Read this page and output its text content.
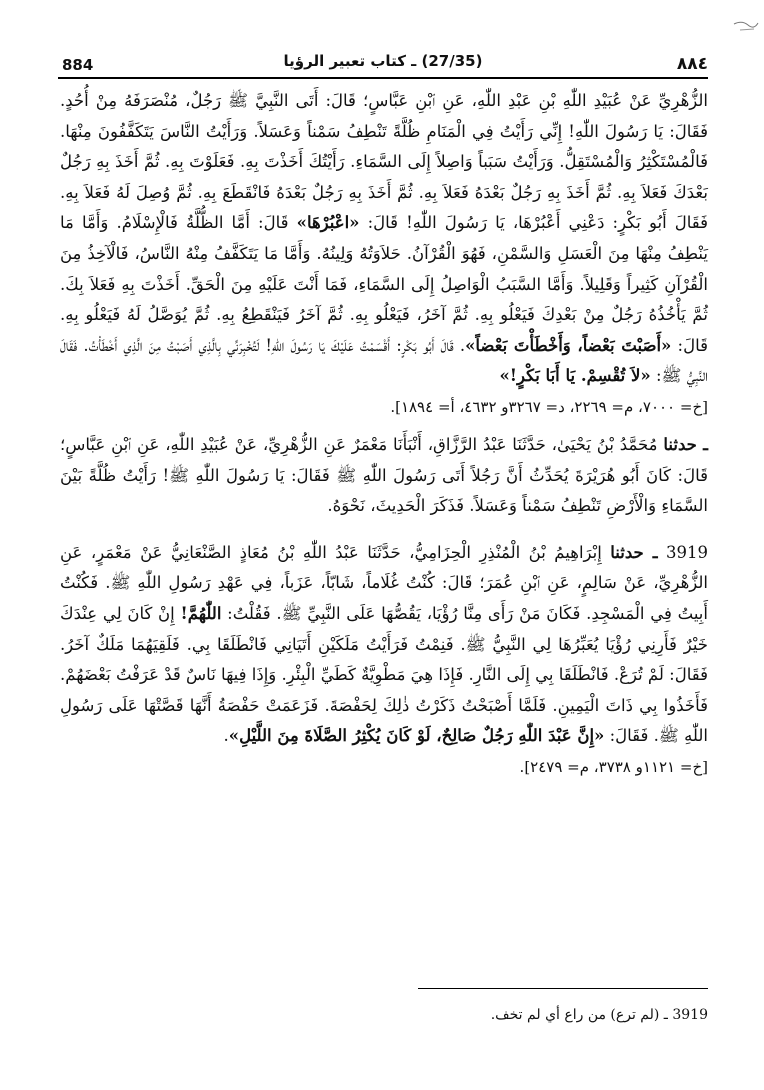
884	(27/35) ـ كتاب تعبير الرؤيا	٨٨٤

الزُّهْرِيِّ عَنْ عُبَيْدِ اللّٰهِ بْنِ عَبْدِ اللّٰهِ، عَنِ ٱبْنِ عَبَّاسٍ؛ قَالَ: أَتَى النَّبِيَّ ﷺ رَجُلٌ، مُنْصَرَفَهُ مِنْ أُحُدٍ. فَقَالَ: يَا رَسُولَ اللّٰهِ! إِنِّي رَأَيْتُ فِي الْمَنَامِ ظُلَّةً تَنْطِفُ سَمْناً وَعَسَلاً. وَرَأَيْتُ النَّاسَ يَتَكَفَّفُونَ مِنْهَا. فَالْمُسْتَكْثِرُ وَالْمُسْتَقِلُّ. وَرَأَيْتُ سَبَباً وَاصِلاً إِلَى السَّمَاءِ. رَأَيْتُكَ أَخَذْتَ بِهِ. فَعَلَوْتَ بِهِ. ثُمَّ أَخَذَ بِهِ رَجُلٌ بَعْدَكَ فَعَلاَ بِهِ. ثُمَّ أَخَذَ بِهِ رَجُلٌ بَعْدَهُ فَعَلاَ بِهِ. ثُمَّ أَخَذَ بِهِ رَجُلٌ بَعْدَهُ فَانْقَطَعَ بِهِ. ثُمَّ وُصِلَ لَهُ فَعَلاَ بِهِ. فَقَالَ أَبُو بَكْرٍ: دَعْنِي أَعْبُرْهَا، يَا رَسُولَ اللّٰهِ! قَالَ: «اعْبُرْهَا» قَالَ: أَمَّا الظُّلَّةُ فَالْإِسْلَامُ. وَأَمَّا مَا يَنْطِفُ مِنْهَا مِنَ الْعَسَلِ وَالسَّمْنِ، فَهُوَ الْقُرْآنُ. حَلاَوَتُهُ وَلِينُهُ. وَأَمَّا مَا يَتَكَفَّفُ مِنْهُ النَّاسُ، فَالْآخِذُ مِنَ الْقُرْآنِ كَثِيراً وَقَلِيلاً. وَأَمَّا السَّبَبُ الْوَاصِلُ إِلَى السَّمَاءِ، فَمَا أَنْتَ عَلَيْهِ مِنَ الْحَقِّ. أَخَذْتَ بِهِ فَعَلاَ بِكَ. ثُمَّ يَأْخُذُهُ رَجُلٌ مِنْ بَعْدِكَ فَيَعْلُو بِهِ. ثُمَّ آخَرُ، فَيَعْلُو بِهِ. ثُمَّ آخَرُ فَيَنْقَطِعُ بِهِ. ثُمَّ يُوَصَّلُ لَهُ فَيَعْلُو بِهِ. قَالَ: «أَصَبْتَ بَعْضاً، وَأَخْطَأْتَ بَعْضاً». قَالَ أَبُو بَكْرٍ: أَقْسَمْتُ عَلَيْكَ يَا رَسُولَ اللّٰهِ! لَتُخْبِرَنِّي بِالَّذِي أَصَبْتُ مِنَ الَّذِي أَخْطَأْتُ. فَقَالَ النَّبِيُّ ﷺ: «لاَ تُقْسِمْ. يَا أَبَا بَكْرٍ!»

[خ= ٧٠٠٠، م= ٢٢٦٩، د= ٣٢٦٧و ٤٦٣٢، أ= ١٨٩٤].

ـ حدثنا مُحَمَّدُ بْنُ يَحْيَىٰ، حَدَّثَنَا عَبْدُ الرَّزَّاقِ، أَنْبَأَنَا مَعْمَرٌ عَنِ الزُّهْرِيِّ، عَنْ عُبَيْدِ اللّٰهِ، عَنِ ٱبْنِ عَبَّاسٍ؛ قَالَ: كَانَ أَبُو هُرَيْرَةَ يُحَدِّثُ أَنَّ رَجُلاً أَتَى رَسُولَ اللّٰهِ ﷺ فَقَالَ: يَا رَسُولَ اللّٰهِ ﷺ! رَأَيْتُ ظُلَّةً بَيْنَ السَّمَاءِ وَالْأَرْضِ تَنْطِفُ سَمْناً وَعَسَلاً. فَذَكَرَ الْحَدِيثَ، نَحْوَهُ.

3919 ـ حدثنا إِبْرَاهِيمُ بْنُ الْمُنْذِرِ الْحِزَامِيُّ، حَدَّثَنَا عَبْدُ اللّٰهِ بْنُ مُعَاذٍ الصَّنْعَانِيُّ عَنْ مَعْمَرٍ، عَنِ الزُّهْرِيِّ، عَنْ سَالِمٍ، عَنِ ٱبْنِ عُمَرَ؛ قَالَ: كُنْتُ غُلَاماً، شَابّاً، عَزَباً، فِي عَهْدِ رَسُولِ اللّٰهِ ﷺ. فَكُنْتُ أَبِيتُ فِي الْمَسْجِدِ. فَكَانَ مَنْ رَأَى مِنَّا رُؤْيَا، يَقُصُّهَا عَلَى النَّبِيِّ ﷺ. فَقُلْتُ: اللّٰهُمَّ! إِنْ كَانَ لِي عِنْدَكَ خَيْرٌ فَأَرِنِي رُؤْيَا يُعَبِّرُهَا لِي النَّبِيُّ ﷺ. فَنِمْتُ فَرَأَيْتُ مَلَكَيْنِ أَتَيَانِي فَانْطَلَقَا بِي. فَلَقِيَهُمَا مَلَكٌ آخَرُ. فَقَالَ: لَمْ تُرَعْ. فَانْطَلَقَا بِي إِلَى النَّارِ. فَإِذَا هِيَ مَطْوِيَّةٌ كَطَيِّ الْبِئْرِ. وَإِذَا فِيهَا نَاسٌ قَدْ عَرَفْتُ بَعْضَهُمْ. فَأَخَذُوا بِي ذَاتَ الْيَمِينِ. فَلَمَّا أَصْبَحْتُ ذَكَرْتُ ذٰلِكَ لِحَفْصَةَ. فَزَعَمَتْ حَفْصَةُ أَنَّهَا قَصَّتْهَا عَلَى رَسُولِ اللّٰهِ ﷺ. فَقَالَ: «إِنَّ عَبْدَ اللّٰهِ رَجُلٌ صَالِحٌ، لَوْ كَانَ يُكْثِرُ الصَّلَاةَ مِنَ اللَّيْلِ».

[خ= ١١٢١و ٣٧٣٨، م= ٢٤٧٩].

3919 ـ (لم ترع) من راع أي لم تخف.
